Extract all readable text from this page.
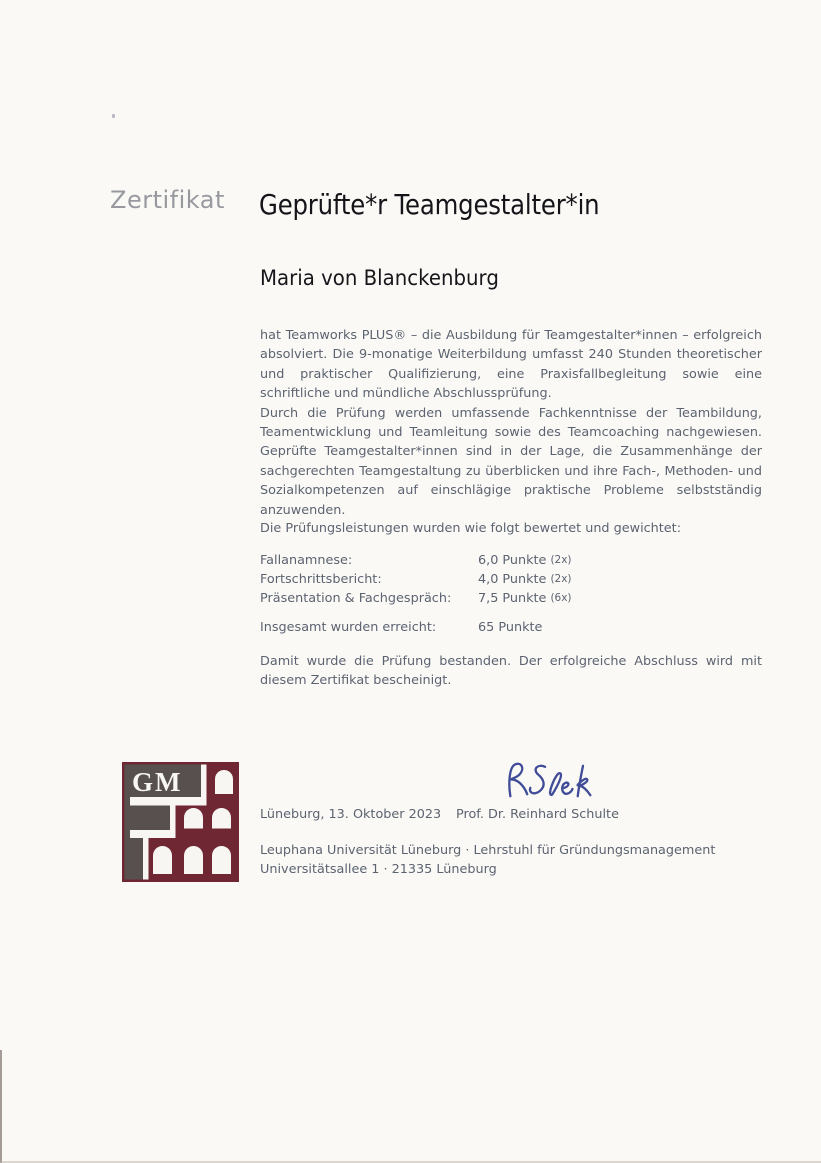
Zertifikat Geprüfte*r Teamgestalter*in
Maria von Blanckenburg

hat Teamworks PLUS® – die Ausbildung für Teamgestalter*innen – erfolgreich absolviert. Die 9-monatige Weiterbildung umfasst 240 Stunden theoretischer und praktischer Qualifizierung, eine Praxisfallbegleitung sowie eine schriftliche und mündliche Abschlussprüfung.

Durch die Prüfung werden umfassende Fachkenntnisse der Teambildung, Teamentwicklung und Teamleitung sowie des Teamcoaching nachgewiesen. Geprüfte Teamgestalter*innen sind in der Lage, die Zusammenhänge der sachgerechten Teamgestaltung zu überblicken und ihre Fach-, Methoden- und Sozialkompetenzen auf einschlägige praktische Probleme selbstständig anzuwenden.

Die Prüfungsleistungen wurden wie folgt bewertet und gewichtet:
Fallanamnese:	6,0 Punkte (2x)
Fortschrittsbericht:	4,0 Punkte (2x)
Präsentation & Fachgespräch:	7,5 Punkte (6x)
Insgesamt wurden erreicht:	65 Punkte
Damit wurde die Prüfung bestanden. Der erfolgreiche Abschluss wird mit diesem Zertifikat bescheinigt.
GM
Lüneburg, 13. Oktober 2023 Prof. Dr. Reinhard Schulte
Leuphana Universität Lüneburg · Lehrstuhl für Gründungsmanagement
Universitätsallee 1 · 21335 Lüneburg
